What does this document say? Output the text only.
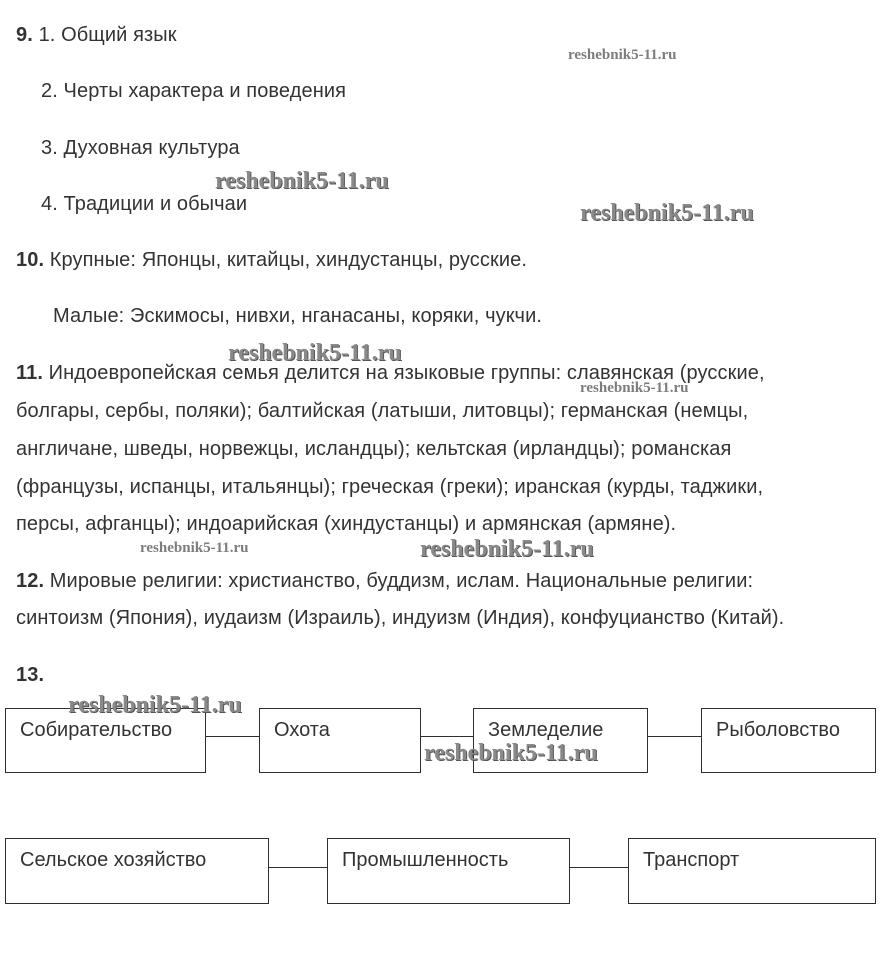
9. 1. Общий язык
2. Черты характера и поведения
3. Духовная культура
4. Традиции и обычаи
10. Крупные: Японцы, китайцы, хиндустанцы, русские.
Малые: Эскимосы, нивхи, нганасаны, коряки, чукчи.
11. Индоевропейская семья делится на языковые группы: славянская (русские,
болгары, сербы, поляки); балтийская (латыши, литовцы); германская (немцы,
англичане, шведы, норвежцы, исландцы); кельтская (ирландцы); романская
(французы, испанцы, итальянцы); греческая (греки); иранская (курды, таджики,
персы, афганцы); индоарийская (хиндустанцы) и армянская (армяне).
12. Мировые религии: христианство, буддизм, ислам. Национальные религии:
синтоизм (Япония), иудаизм (Израиль), индуизм (Индия), конфуцианство (Китай).
13.
Собирательство	Охота	Земледелие	Рыболовство
Сельское хозяйство	Промышленность	Транспорт
reshebnik5-11.ru
reshebnik5-11.ru
reshebnik5-11.ru
reshebnik5-11.ru
reshebnik5-11.ru
reshebnik5-11.ru	reshebnik5-11.ru
reshebnik5-11.ru
reshebnik5-11.ru
